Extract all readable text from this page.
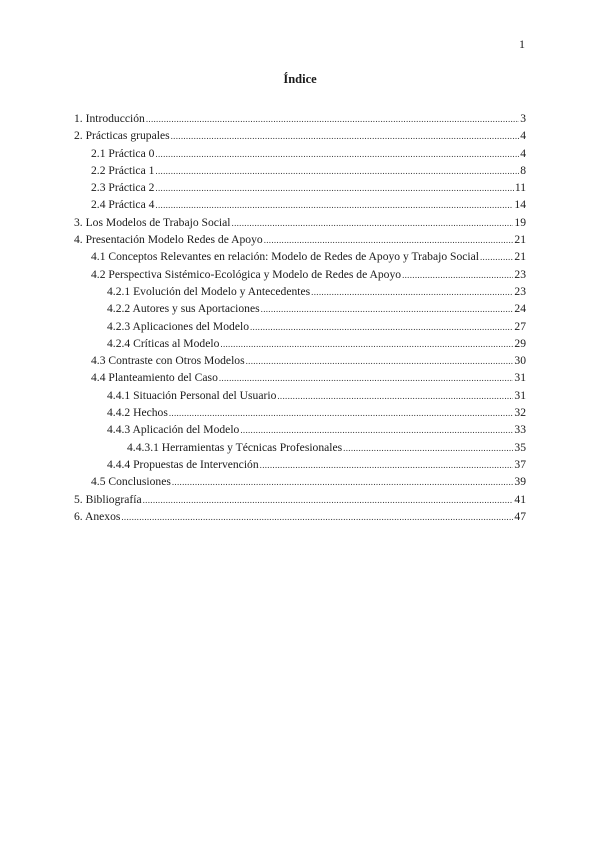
1
Índice
1. Introducción .....	3
2. Prácticas grupales .....	4
2.1 Práctica 0 .....	4
2.2 Práctica 1 .....	8
2.3 Práctica 2 .....	11
2.4 Práctica 4 .....	14
3. Los Modelos de Trabajo Social .....	19
4. Presentación Modelo Redes de Apoyo .....	21
4.1 Conceptos Relevantes en relación: Modelo de Redes de Apoyo y Trabajo Social .....	21
4.2 Perspectiva Sistémico-Ecológica y Modelo de Redes de Apoyo .....	23
4.2.1 Evolución del Modelo y Antecedentes .....	23
4.2.2 Autores y sus Aportaciones .....	24
4.2.3 Aplicaciones del Modelo .....	27
4.2.4 Críticas al Modelo .....	29
4.3 Contraste con Otros Modelos .....	30
4.4 Planteamiento del Caso .....	31
4.4.1 Situación Personal del Usuario .....	31
4.4.2 Hechos .....	32
4.4.3 Aplicación del Modelo .....	33
4.4.3.1 Herramientas y Técnicas Profesionales .....	35
4.4.4 Propuestas de Intervención .....	37
4.5 Conclusiones .....	39
5. Bibliografía .....	41
6. Anexos .....	47
